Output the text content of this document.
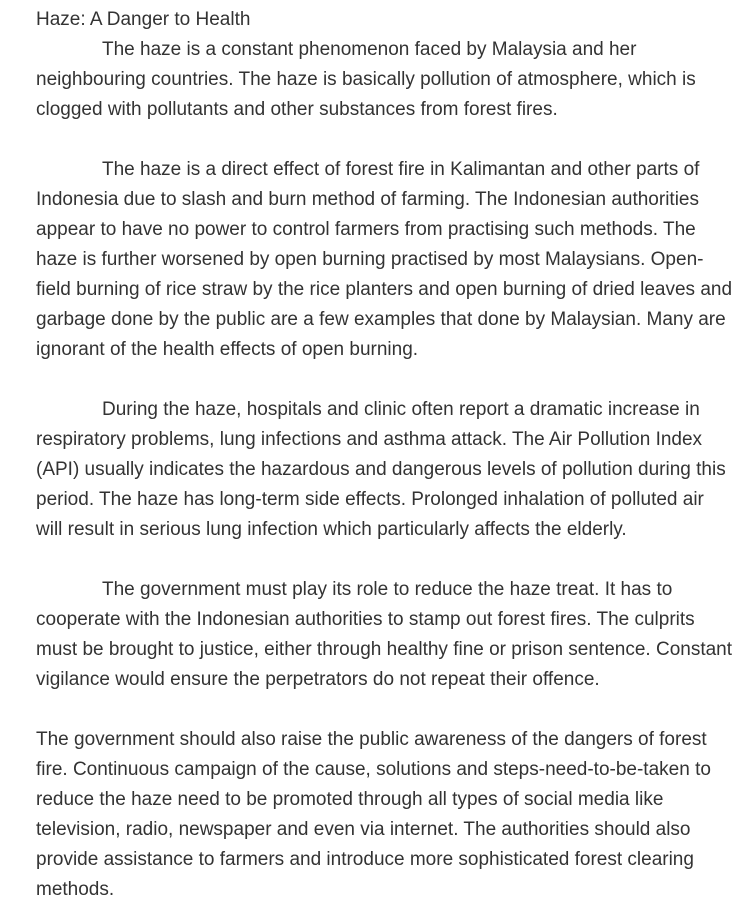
Haze: A Danger to Health
The haze is a constant phenomenon faced by Malaysia and her
neighbouring countries. The haze is basically pollution of atmosphere, which is
clogged with pollutants and other substances from forest fires.
The haze is a direct effect of forest fire in Kalimantan and other parts of
Indonesia due to slash and burn method of farming. The Indonesian authorities
appear to have no power to control farmers from practising such methods. The
haze is further worsened by open burning practised by most Malaysians. Open-
field burning of rice straw by the rice planters and open burning of dried leaves and
garbage done by the public are a few examples that done by Malaysian. Many are
ignorant of the health effects of open burning.
During the haze, hospitals and clinic often report a dramatic increase in
respiratory problems, lung infections and asthma attack. The Air Pollution Index
(API) usually indicates the hazardous and dangerous levels of pollution during this
period. The haze has long-term side effects. Prolonged inhalation of polluted air
will result in serious lung infection which particularly affects the elderly.
The government must play its role to reduce the haze treat. It has to
cooperate with the Indonesian authorities to stamp out forest fires. The culprits
must be brought to justice, either through healthy fine or prison sentence. Constant
vigilance would ensure the perpetrators do not repeat their offence.
The government should also raise the public awareness of the dangers of forest
fire. Continuous campaign of the cause, solutions and steps-need-to-be-taken to
reduce the haze need to be promoted through all types of social media like
television, radio, newspaper and even via internet. The authorities should also
provide assistance to farmers and introduce more sophisticated forest clearing
methods.
